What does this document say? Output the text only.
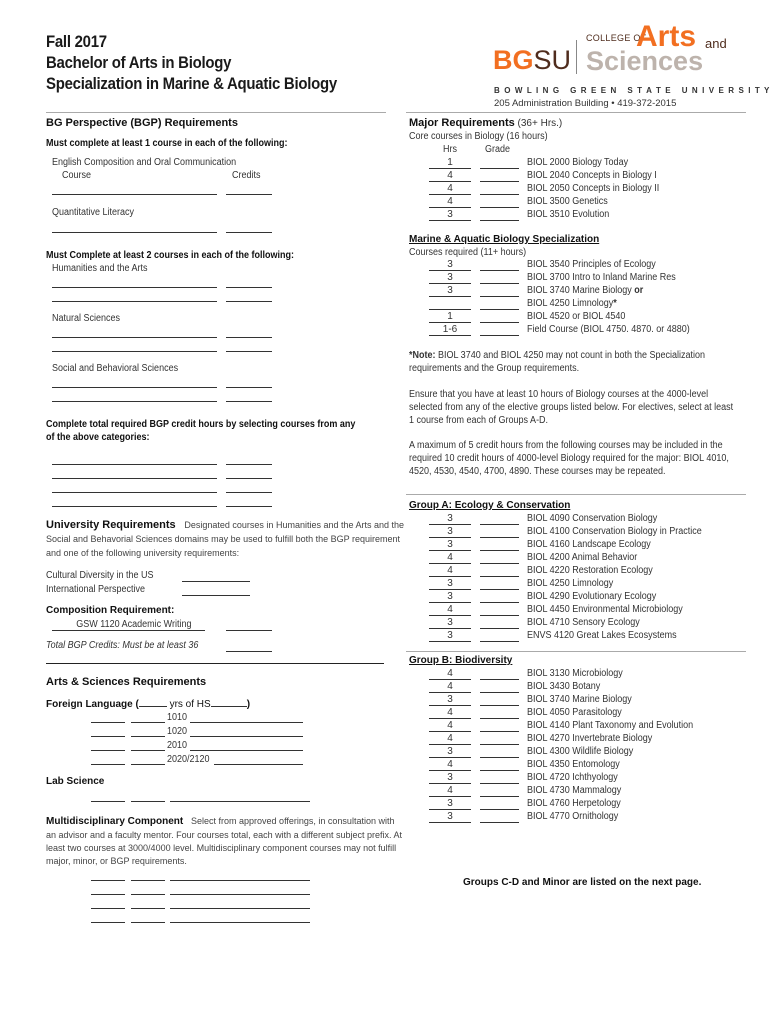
Fall 2017
Bachelor of Arts in Biology
Specialization in Marine & Aquatic Biology
BGSU
COLLEGE OF
Arts and
Sciences
B O W L I N G   G R E E N   S T A T E   U N I V E R S I T Y
205 Administration Building • 419-372-2015
BG Perspective (BGP) Requirements
Must complete at least 1 course in each of the following:
English Composition and Oral Communication
Course	Credits
Quantitative Literacy
Must Complete at least 2 courses in each of the following:
Humanities and the Arts
Natural Sciences
Social and Behavioral Sciences
Complete total required BGP credit hours by selecting courses from any
of the above categories:
University Requirements Designated courses in Humanities and the Arts and the
Social and Behavorial Sciences domains may be used to fulfill both the BGP requirement
and one of the following university requirements:
Cultural Diversity in the US
International Perspective
Composition Requirement:
GSW 1120 Academic Writing
Total BGP Credits: Must be at least 36
Arts & Sciences Requirements
Foreign Language (	yrs of HS	)
1010
1020
2010
2020/2120
Lab Science
Multidisciplinary Component Select from approved offerings, in consultation with
an advisor and a faculty mentor. Four courses total, each with a different subject prefix. At
least two courses at 3000/4000 level. Multidisciplinary component courses may not fulfill
major, minor, or BGP requirements.
Major Requirements (36+ Hrs.)
Core courses in Biology (16 hours)
Hrs	Grade
1	BIOL 2000 Biology Today
4	BIOL 2040 Concepts in Biology I
4	BIOL 2050 Concepts in Biology II
4	BIOL 3500 Genetics
3	BIOL 3510 Evolution
Marine & Aquatic Biology Specialization
Courses required (11+ hours)
3	BIOL 3540 Principles of Ecology
3	BIOL 3700 Intro to Inland Marine Res
3	BIOL 3740 Marine Biology or
BIOL 4250 Limnology*
1	BIOL 4520 or BIOL 4540
1-6	Field Course (BIOL 4750. 4870. or 4880)
*Note: BIOL 3740 and BIOL 4250 may not count in both the Specialization
requirements and the Group requirements.
Ensure that you have at least 10 hours of Biology courses at the 4000-level
selected from any of the elective groups listed below. For electives, select at least
1 course from each of Groups A-D.
A maximum of 5 credit hours from the following courses may be included in the
required 10 credit hours of 4000-level Biology required for the major: BIOL 4010,
4520, 4530, 4540, 4700, 4890. These courses may be repeated.
Group A: Ecology & Conservation
3	BIOL 4090 Conservation Biology
3	BIOL 4100 Conservation Biology in Practice
3	BIOL 4160 Landscape Ecology
4	BIOL 4200 Animal Behavior
4	BIOL 4220 Restoration Ecology
3	BIOL 4250 Limnology
3	BIOL 4290 Evolutionary Ecology
4	BIOL 4450 Environmental Microbiology
3	BIOL 4710 Sensory Ecology
3	ENVS 4120 Great Lakes Ecosystems
Group B: Biodiversity
4	BIOL 3130 Microbiology
4	BIOL 3430 Botany
3	BIOL 3740 Marine Biology
4	BIOL 4050 Parasitology
4	BIOL 4140 Plant Taxonomy and Evolution
4	BIOL 4270 Invertebrate Biology
3	BIOL 4300 Wildlife Biology
4	BIOL 4350 Entomology
3	BIOL 4720 Ichthyology
4	BIOL 4730 Mammalogy
3	BIOL 4760 Herpetology
3	BIOL 4770 Ornithology
Groups C-D and Minor are listed on the next page.
